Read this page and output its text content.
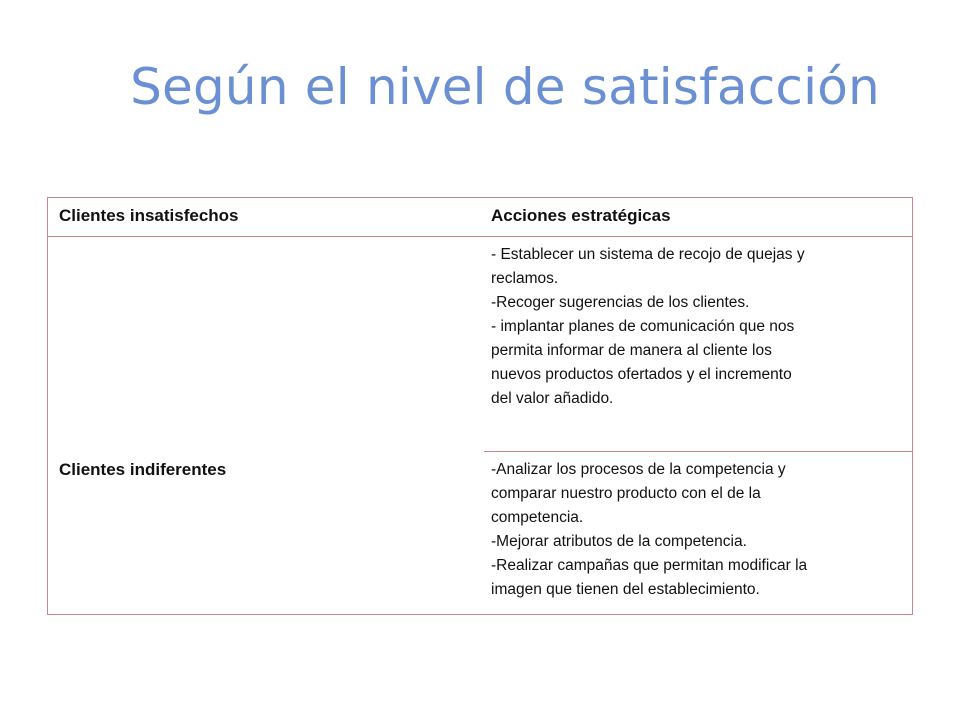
Según el nivel de satisfacción
Clientes insatisfechos	Acciones estratégicas
- Establecer un sistema de recojo de quejas y
reclamos.
-Recoger sugerencias de los clientes.
- implantar planes de comunicación que nos
permita informar de manera al cliente los
nuevos productos ofertados y el incremento
del valor añadido.
Clientes indiferentes	-Analizar los procesos de la competencia y
comparar nuestro producto con el de la
competencia.
-Mejorar atributos de la competencia.
-Realizar campañas que permitan modificar la
imagen que tienen del establecimiento.
